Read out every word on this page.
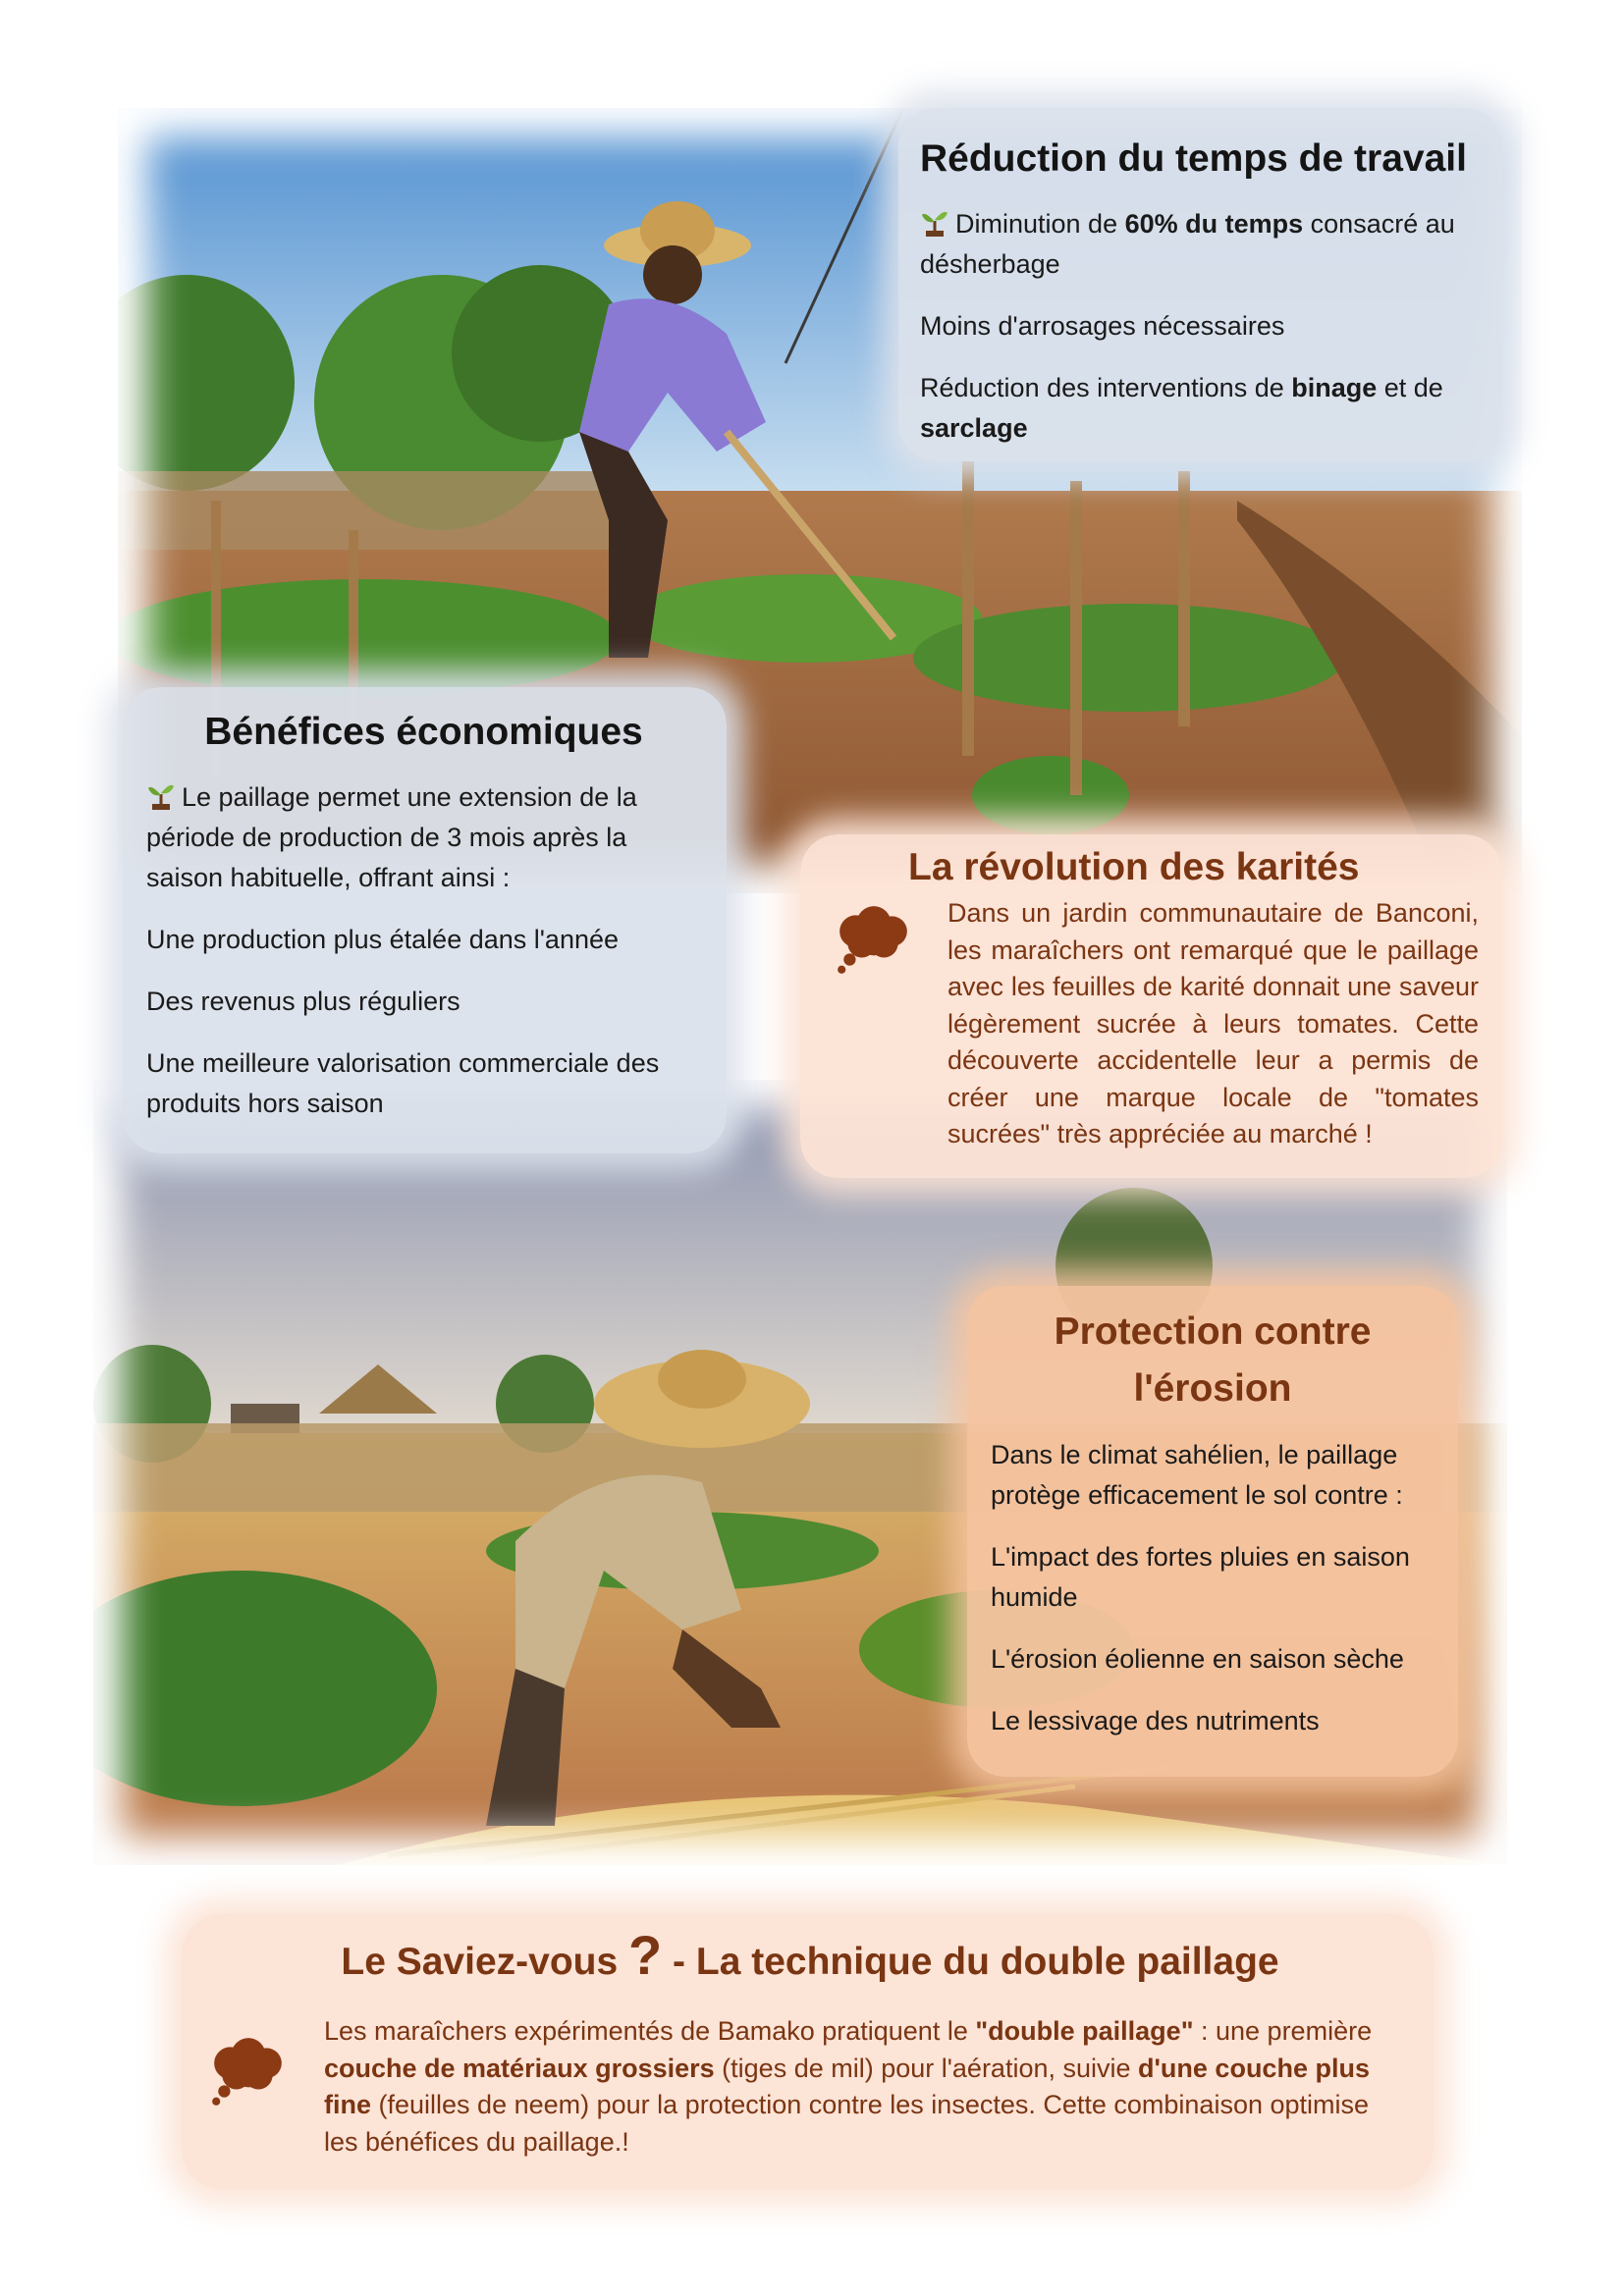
Réduction du temps de travail

Diminution de 60% du temps consacré au désherbage

Moins d'arrosages nécessaires

Réduction des interventions de binage et de sarclage

Bénéfices économiques

Le paillage permet une extension de la période de production de 3 mois après la saison habituelle, offrant ainsi :

Une production plus étalée dans l'année

Des revenus plus réguliers

Une meilleure valorisation commerciale des produits hors saison

La révolution des karités

Dans un jardin communautaire de Banconi, les maraîchers ont remarqué que le paillage avec les feuilles de karité donnait une saveur légèrement sucrée à leurs tomates. Cette découverte accidentelle leur a permis de créer une marque locale de "tomates sucrées" très appréciée au marché !

Protection contre l'érosion

Dans le climat sahélien, le paillage protège efficacement le sol contre :

L'impact des fortes pluies en saison humide

L'érosion éolienne en saison sèche

Le lessivage des nutriments

Le Saviez-vous ? - La technique du double paillage

Les maraîchers expérimentés de Bamako pratiquent le "double paillage" : une première couche de matériaux grossiers (tiges de mil) pour l'aération, suivie d'une couche plus fine (feuilles de neem) pour la protection contre les insectes. Cette combinaison optimise les bénéfices du paillage.!
